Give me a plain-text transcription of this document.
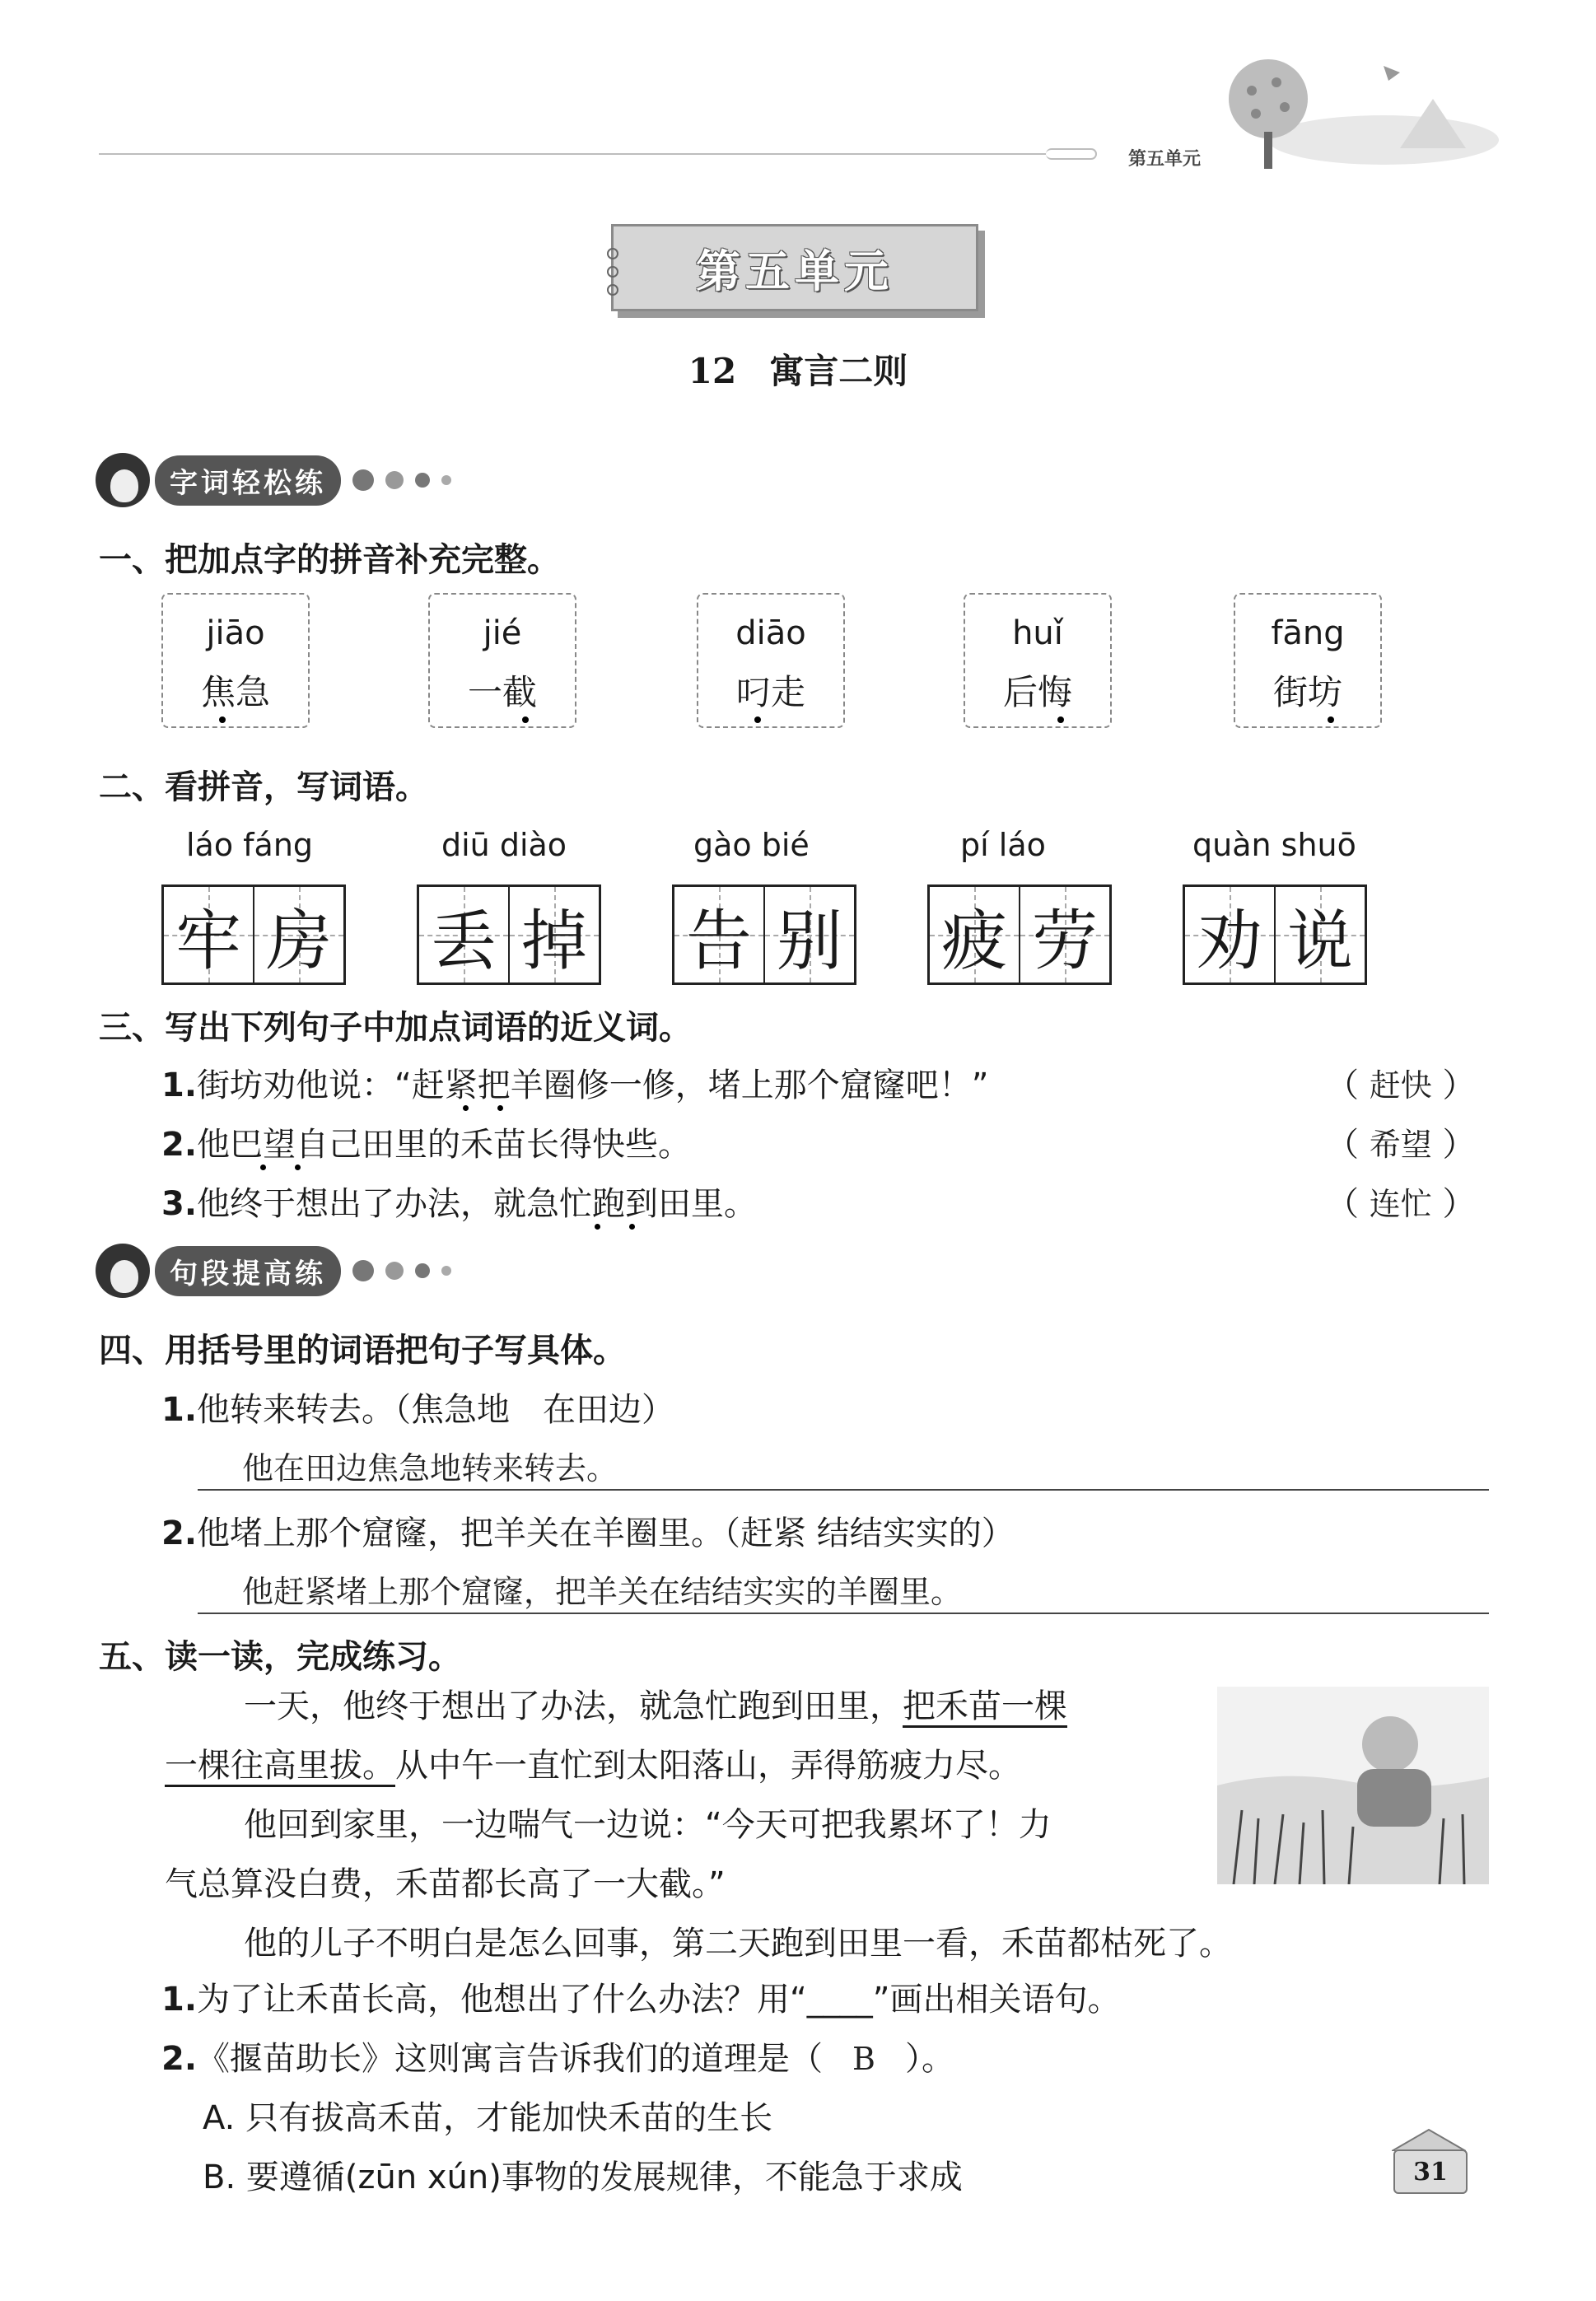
第五单元
第五单元
12 寓言二则
字词轻松练
一、把加点字的拼音补充完整。
jiāo
焦急
jié
一截
diāo
叼走
huǐ
后悔
fāng
街坊
二、看拼音，写词语。
láo fáng
牢 房
diū diào
丢 掉
gào bié
告 别
pí láo
疲 劳
quàn shuō
劝 说
三、写出下列句子中加点词语的近义词。
1.街坊劝他说：“赶紧把羊圈修一修，堵上那个窟窿吧！”	（ 赶快 ）
2.他巴望自己田里的禾苗长得快些。	（ 希望 ）
3.他终于想出了办法，就急忙跑到田里。	（ 连忙 ）
句段提高练
四、用括号里的词语把句子写具体。
1.他转来转去。（焦急地　在田边）
他在田边焦急地转来转去。
2.他堵上那个窟窿，把羊关在羊圈里。（赶紧 结结实实的）
他赶紧堵上那个窟窿，把羊关在结结实实的羊圈里。
五、读一读，完成练习。
一天，他终于想出了办法，就急忙跑到田里，把禾苗一棵
一棵往高里拔。从中午一直忙到太阳落山，弄得筋疲力尽。
他回到家里，一边喘气一边说：“今天可把我累坏了！力
气总算没白费，禾苗都长高了一大截。”
他的儿子不明白是怎么回事，第二天跑到田里一看，禾苗都枯死了。
1.为了让禾苗长高，他想出了什么办法？用“____”画出相关语句。
2.《揠苗助长》这则寓言告诉我们的道理是（ B ）。
A. 只有拔高禾苗，才能加快禾苗的生长
B. 要遵循(zūn xún)事物的发展规律，不能急于求成	31
